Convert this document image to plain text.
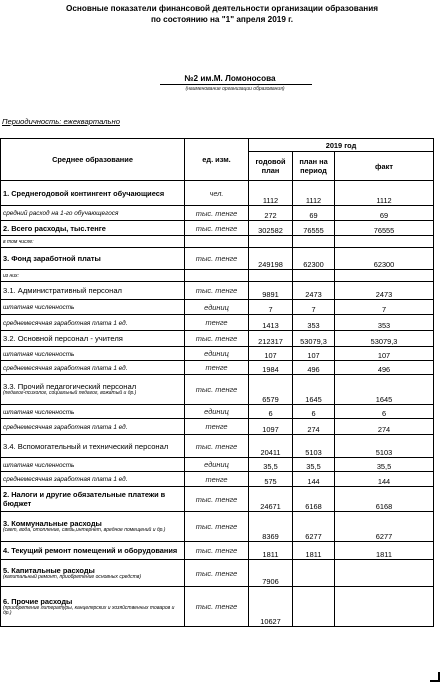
Основные показатели финансовой деятельности организации образования
по состоянию на "1" апреля 2019 г.
№2 им.М. Ломоносова
(наименование организации образования)
Периодичность: ежеквартально
Среднее образование	ед. изм.	2019 год		
		годовой план	план на период	факт
1. Среднегодовой контингент обучающиеся	чел.	1112	1112	1112
средний расход на 1-го обучающегося	тыс. тенге	272	69	69
2. Всего расходы, тыс.тенге	тыс. тенге	302582	76555	76555
в том числе:				
3. Фонд заработной платы	тыс. тенге	249198	62300	62300
из них:				
3.1. Административный персонал	тыс. тенге	9891	2473	2473
штатная численность	единиц	7	7	7
среднемесячная заработная плата 1 ед.	тенге	1413	353	353
3.2. Основной персонал - учителя	тыс. тенге	212317	53079,3	53079,3
штатная численность	единиц	107	107	107
среднемесячная заработная плата 1 ед.	тенге	1984	496	496
3.3. Прочий педагогический персонал
(педагог-психолог, социальный педагог, вожатый и др.)	тыс. тенге	6579	1645	1645
штатная численность	единиц	6	6	6
среднемесячная заработная плата 1 ед.	тенге	1097	274	274
3.4. Вспомогательный и технический персонал	тыс. тенге	20411	5103	5103
штатная численность	единиц	35,5	35,5	35,5
среднемесячная заработная плата 1 ед.	тенге	575	144	144
2. Налоги и другие обязательные платежи в бюджет	тыс. тенге	24671	6168	6168
3. Коммунальные расходы
(свет, вода, отопление, связь,интернет, вредное помещений и др.)	тыс. тенге	8369	6277	6277
4. Текущий ремонт помещений и оборудования	тыс. тенге	1811	1811	1811
5. Капитальные расходы
(капитальный ремонт, приобретение основных средств)	тыс. тенге	7906		
6. Прочие расходы
(приобретение литературы, канцелярских и хозяйственных товаров и др.)	тыс. тенге	10627		
